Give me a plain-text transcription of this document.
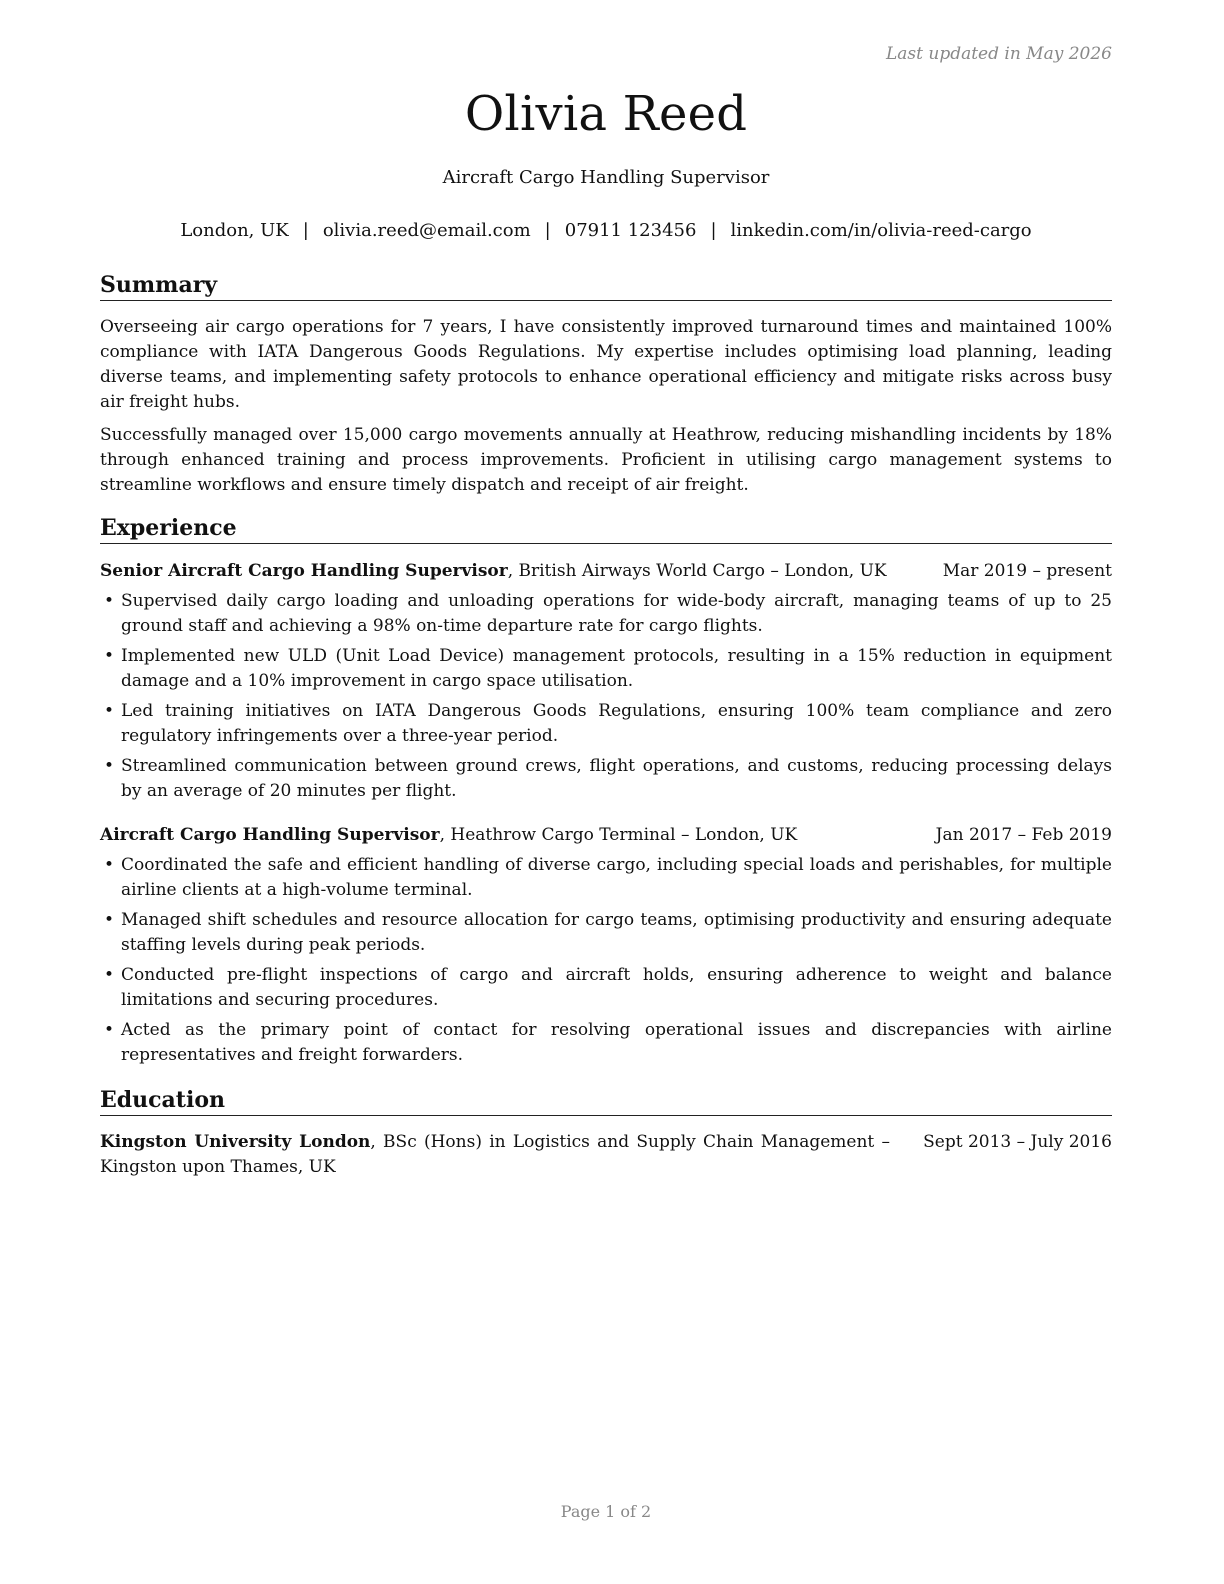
Last updated in May 2026
Olivia Reed
Aircraft Cargo Handling Supervisor
London, UK | olivia.reed@email.com | 07911 123456 | linkedin.com/in/olivia-reed-cargo
Summary

Overseeing air cargo operations for 7 years, I have consistently improved turnaround times and maintained 100% compliance with IATA Dangerous Goods Regulations. My expertise includes optimising load planning, leading diverse teams, and implementing safety protocols to enhance operational efficiency and mitigate risks across busy air freight hubs.

Successfully managed over 15,000 cargo movements annually at Heathrow, reducing mishandling incidents by 18% through enhanced training and process improvements. Proficient in utilising cargo management systems to streamline workflows and ensure timely dispatch and receipt of air freight.

Experience
Senior Aircraft Cargo Handling Supervisor, British Airways World Cargo – London, UK	Mar 2019 – present
• Supervised daily cargo loading and unloading operations for wide-body aircraft, managing teams of up to 25 ground staff and achieving a 98% on-time departure rate for cargo flights.
• Implemented new ULD (Unit Load Device) management protocols, resulting in a 15% reduction in equipment damage and a 10% improvement in cargo space utilisation.
• Led training initiatives on IATA Dangerous Goods Regulations, ensuring 100% team compliance and zero regulatory infringements over a three-year period.
• Streamlined communication between ground crews, flight operations, and customs, reducing processing delays by an average of 20 minutes per flight.
Aircraft Cargo Handling Supervisor, Heathrow Cargo Terminal – London, UK	Jan 2017 – Feb 2019
• Coordinated the safe and efficient handling of diverse cargo, including special loads and perishables, for multiple airline clients at a high-volume terminal.
• Managed shift schedules and resource allocation for cargo teams, optimising productivity and ensuring adequate staffing levels during peak periods.
• Conducted pre-flight inspections of cargo and aircraft holds, ensuring adherence to weight and balance limitations and securing procedures.
• Acted as the primary point of contact for resolving operational issues and discrepancies with airline representatives and freight forwarders.
Education
Kingston University London, BSc (Hons) in Logistics and Supply Chain Management – Kingston upon Thames, UK
Sept 2013 – July 2016
Page 1 of 2
